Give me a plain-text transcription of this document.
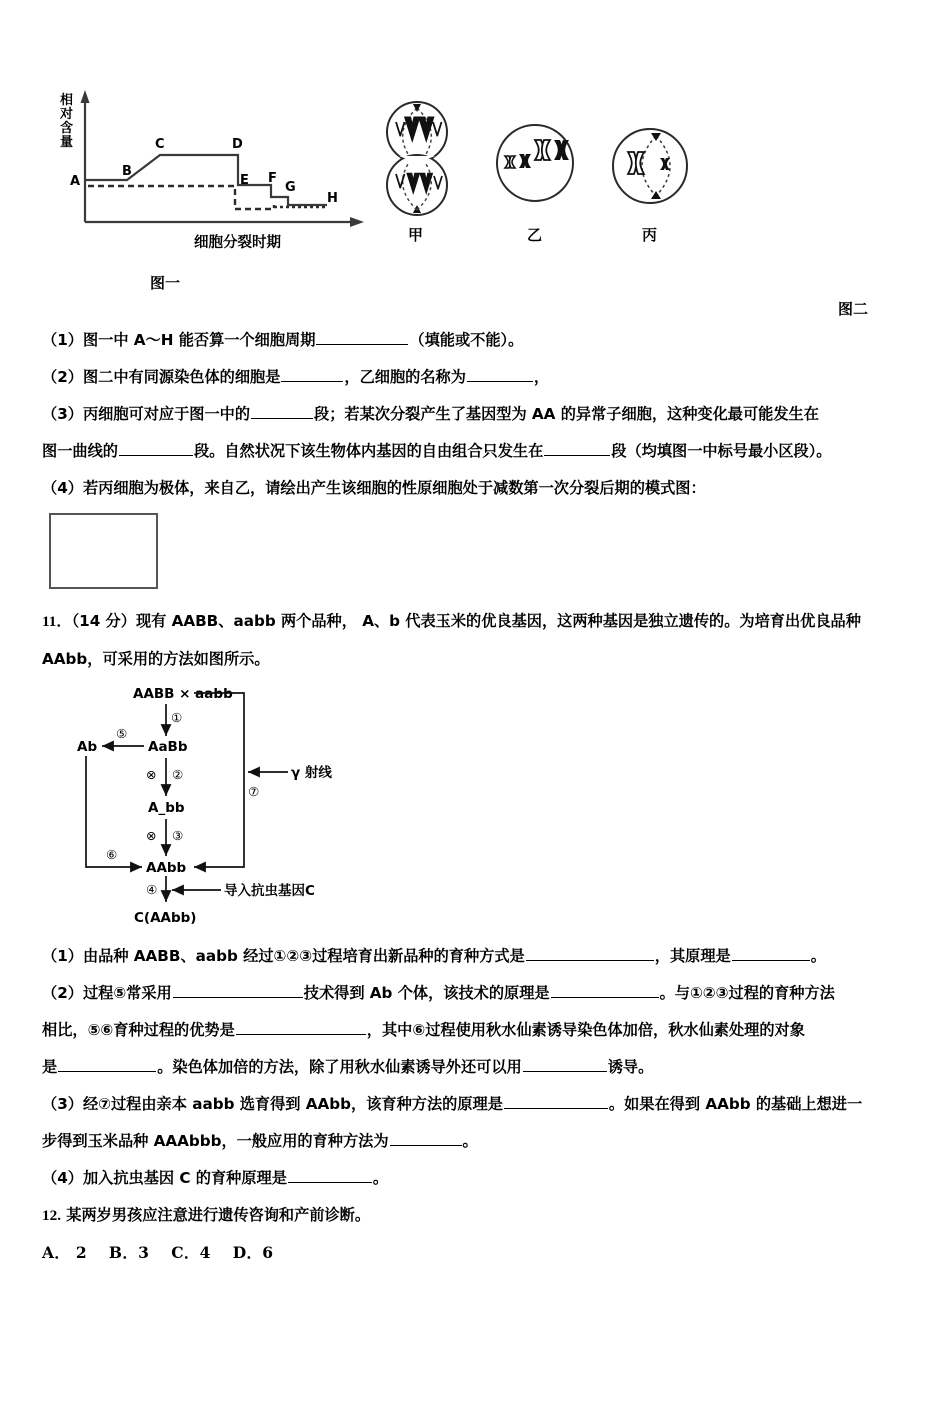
A
B
C	D
E F
G
H
相 对 含 量
细胞分裂时期
图一
甲	乙	丙
图二

（1）图一中 A～H 能否算一个细胞周期	（填能或不能）。

（2）图二中有同源染色体的细胞是	，乙细胞的名称为	，

（3）丙细胞可对应于图一中的	段；若某次分裂产生了基因型为 AA 的异常子细胞，这种变化最可能发生在

图一曲线的	段。自然状况下该生物体内基因的自由组合只发生在	段（均填图一中标号最小区段）。

（4）若丙细胞为极体，来自乙，请绘出产生该细胞的性原细胞处于减数第一次分裂后期的模式图：

11．（14 分）现有 AABB、aabb 两个品种， A、b 代表玉米的优良基因，这两种基因是独立遗传的。为培育出优良品种

AAbb，可采用的方法如图所示。

AABB × aabb
①
AaBb
⑤
Ab
⊗ ②
A_bb
⊗ ③
AAbb
⑥
⑦
γ 射线
④	导入抗虫基因C
C(AAbb)

（1）由品种 AABB、aabb 经过①②③过程培育出新品种的育种方式是	，其原理是	。

（2）过程⑤常采用	技术得到 Ab 个体，该技术的原理是	。与①②③过程的育种方法

相比，⑤⑥育种过程的优势是	，其中⑥过程使用秋水仙素诱导染色体加倍，秋水仙素处理的对象

是	。染色体加倍的方法，除了用秋水仙素诱导外还可以用	诱导。

（3）经⑦过程由亲本 aabb 选育得到 AAbb，该育种方法的原理是	。如果在得到 AAbb 的基础上想进一

步得到玉米品种 AAAbbb，一般应用的育种方法为	。

（4）加入抗虫基因 C 的育种原理是	。

12. 某两岁男孩应注意进行遗传咨询和产前诊断。

A． 2 B．3 C．4 D．6
